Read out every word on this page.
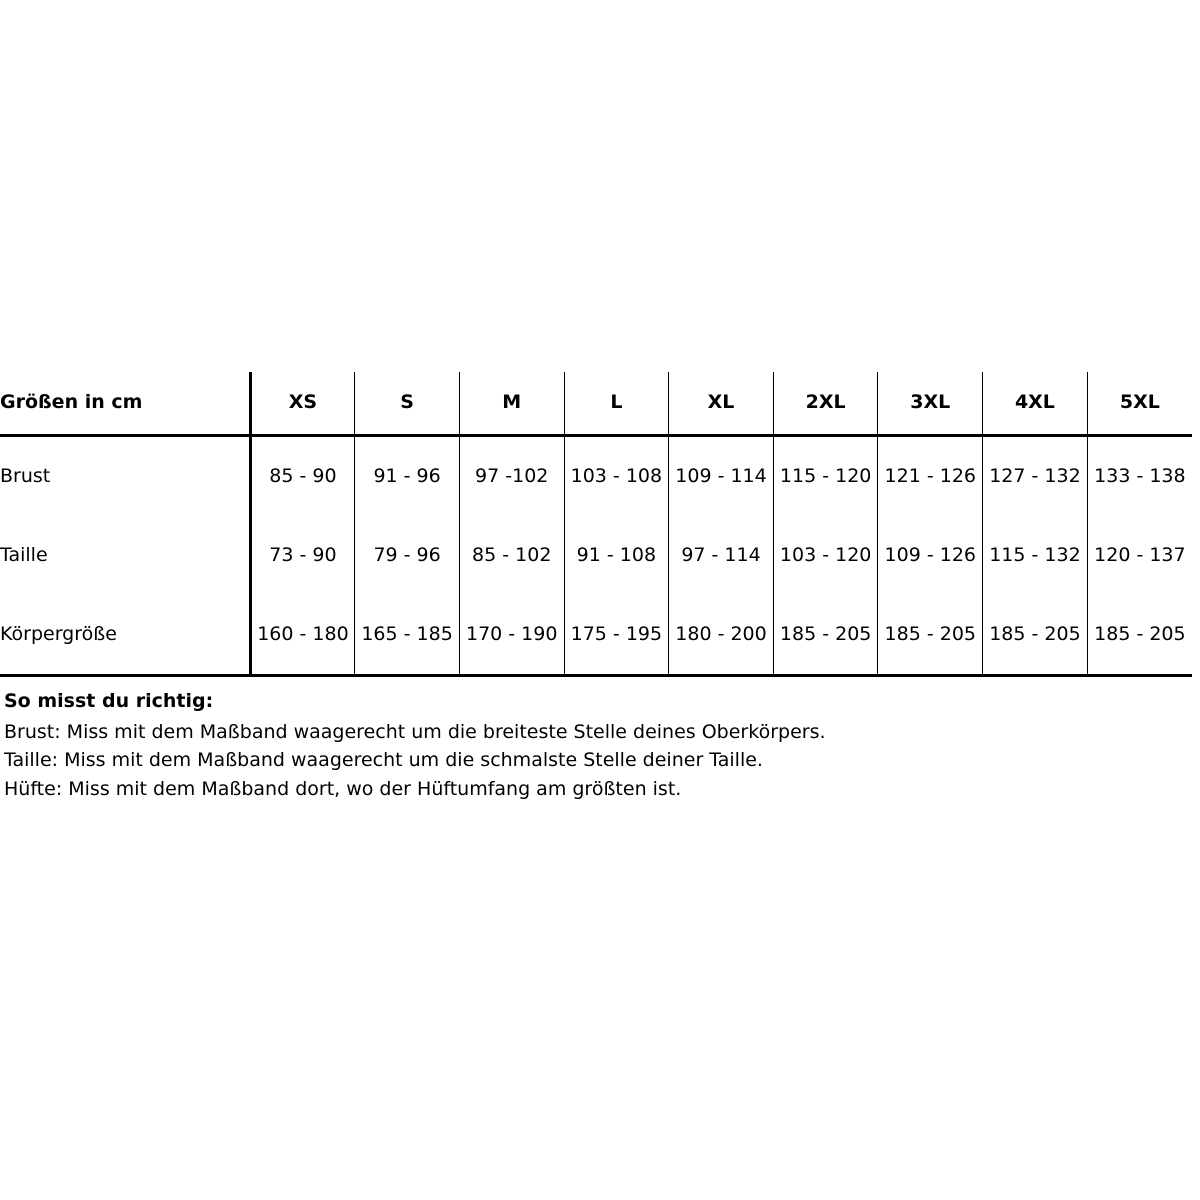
Größen in cm	XS	S	M	L	XL	2XL	3XL	4XL	5XL
Brust	85 - 90	91 - 96	97 -102	103 - 108	109 - 114	115 - 120	121 - 126	127 - 132	133 - 138
Taille	73 - 90	79 - 96	85 - 102	91 - 108	97 - 114	103 - 120	109 - 126	115 - 132	120 - 137
Körpergröße	160 - 180	165 - 185	170 - 190	175 - 195	180 - 200	185 - 205	185 - 205	185 - 205	185 - 205
So misst du richtig:
Brust: Miss mit dem Maßband waagerecht um die breiteste Stelle deines Oberkörpers.
Taille: Miss mit dem Maßband waagerecht um die schmalste Stelle deiner Taille.
Hüfte: Miss mit dem Maßband dort, wo der Hüftumfang am größten ist.
